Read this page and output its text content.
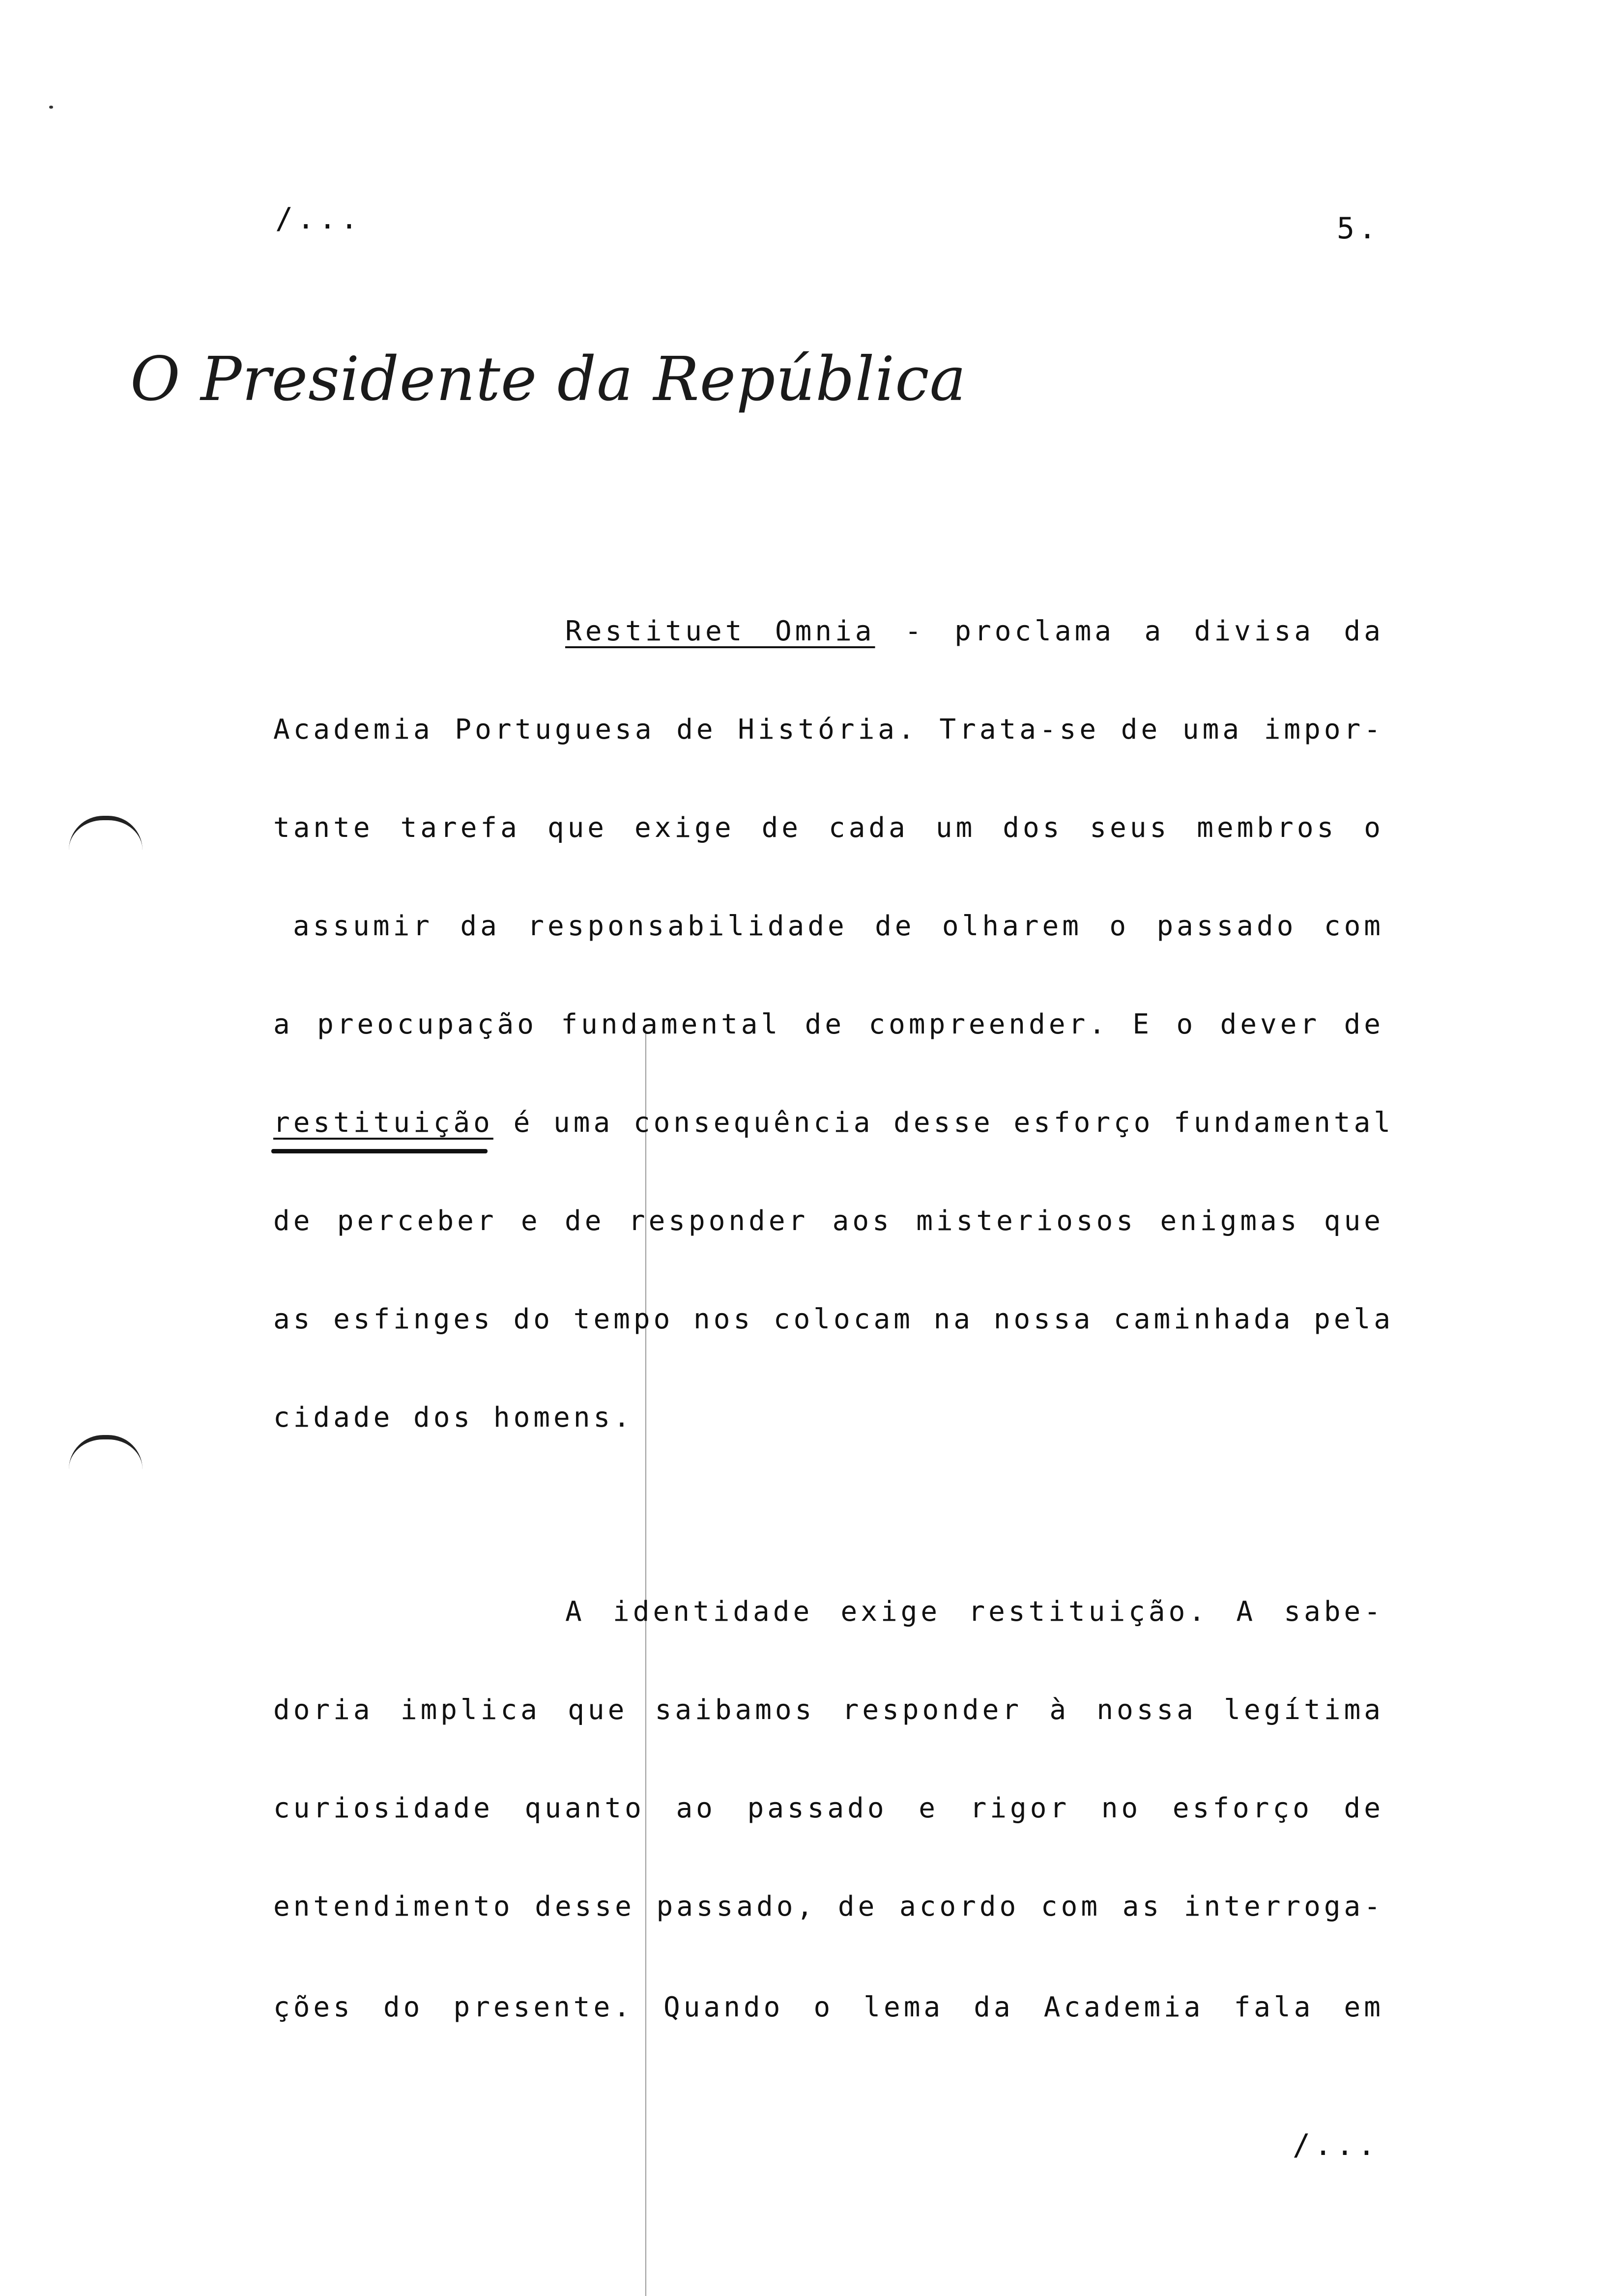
/...	5.
O Presidente da República
Restituet Omnia - proclama a divisa da
Academia Portuguesa de História. Trata-se de uma impor-
tante tarefa que exige de cada um dos seus membros o
assumir da responsabilidade de olharem o passado com
a preocupação fundamental de compreender. E o dever de
restituição é uma consequência desse esforço fundamental
de perceber e de responder aos misteriosos enigmas que
as esfinges do tempo nos colocam na nossa caminhada pela
cidade dos homens.
A identidade exige restituição. A sabe-
doria implica que saibamos responder à nossa legítima
curiosidade quanto ao passado e rigor no esforço de
entendimento desse passado, de acordo com as interroga-
ções do presente. Quando o lema da Academia fala em
/...
